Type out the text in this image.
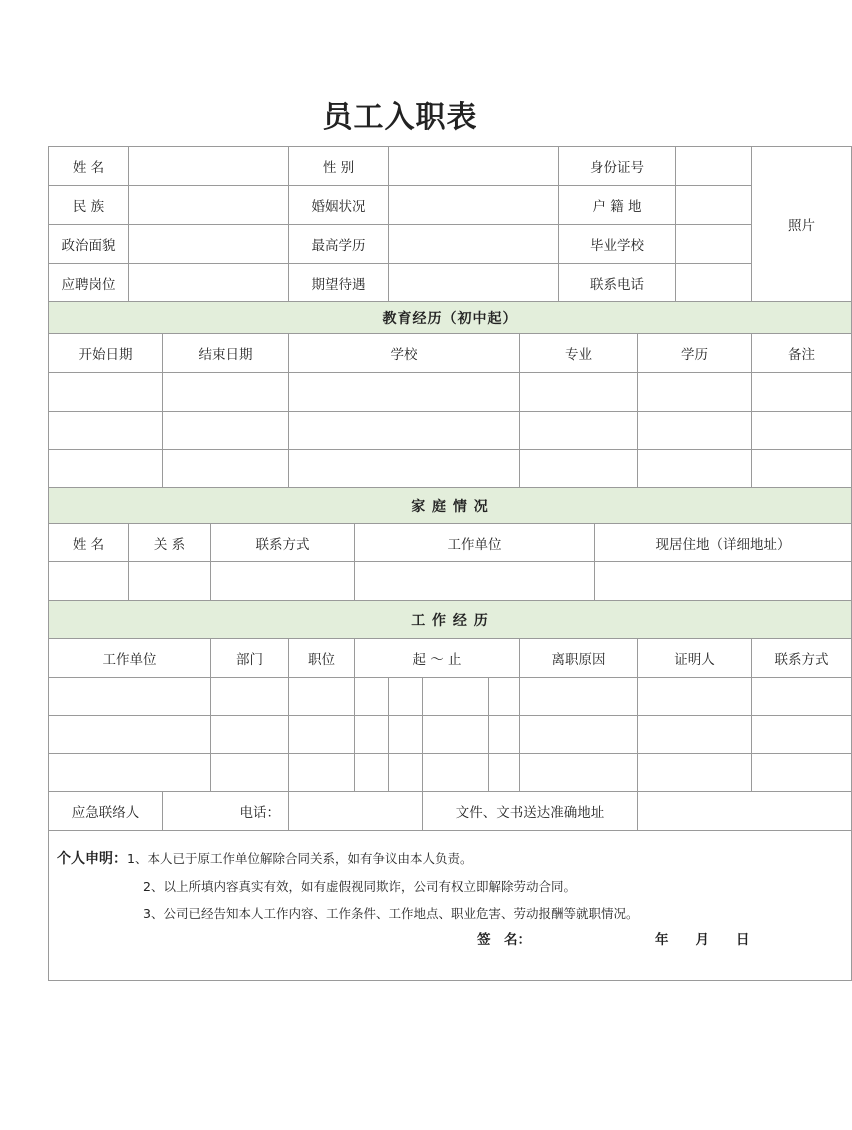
员工入职表
姓 名				性 别						身份证号				照片
民 族				婚姻状况						户 籍 地				
政治面貌				最高学历						毕业学校				
应聘岗位				期望待遇						联系电话				
教育经历（初中起）														
开始日期		结束日期		学校					专业			学历		备注

家 庭 情 况														
姓 名	关 系		联系方式		工作单位						现居住地（详细地址）			

工 作 经 历														
工作单位			部门	职位	起 ～ 止				离职原因			证明人		联系方式

应急联络人		电话：					文件、文书送达准确地址							

个人申明：1、本人已于原工作单位解除合同关系，如有争议由本人负责。
2、以上所填内容真实有效，如有虚假视同欺诈，公司有权立即解除劳动合同。
3、公司已经告知本人工作内容、工作条件、工作地点、职业危害、劳动报酬等就职情况。
签　名： 年　　月　　日														
